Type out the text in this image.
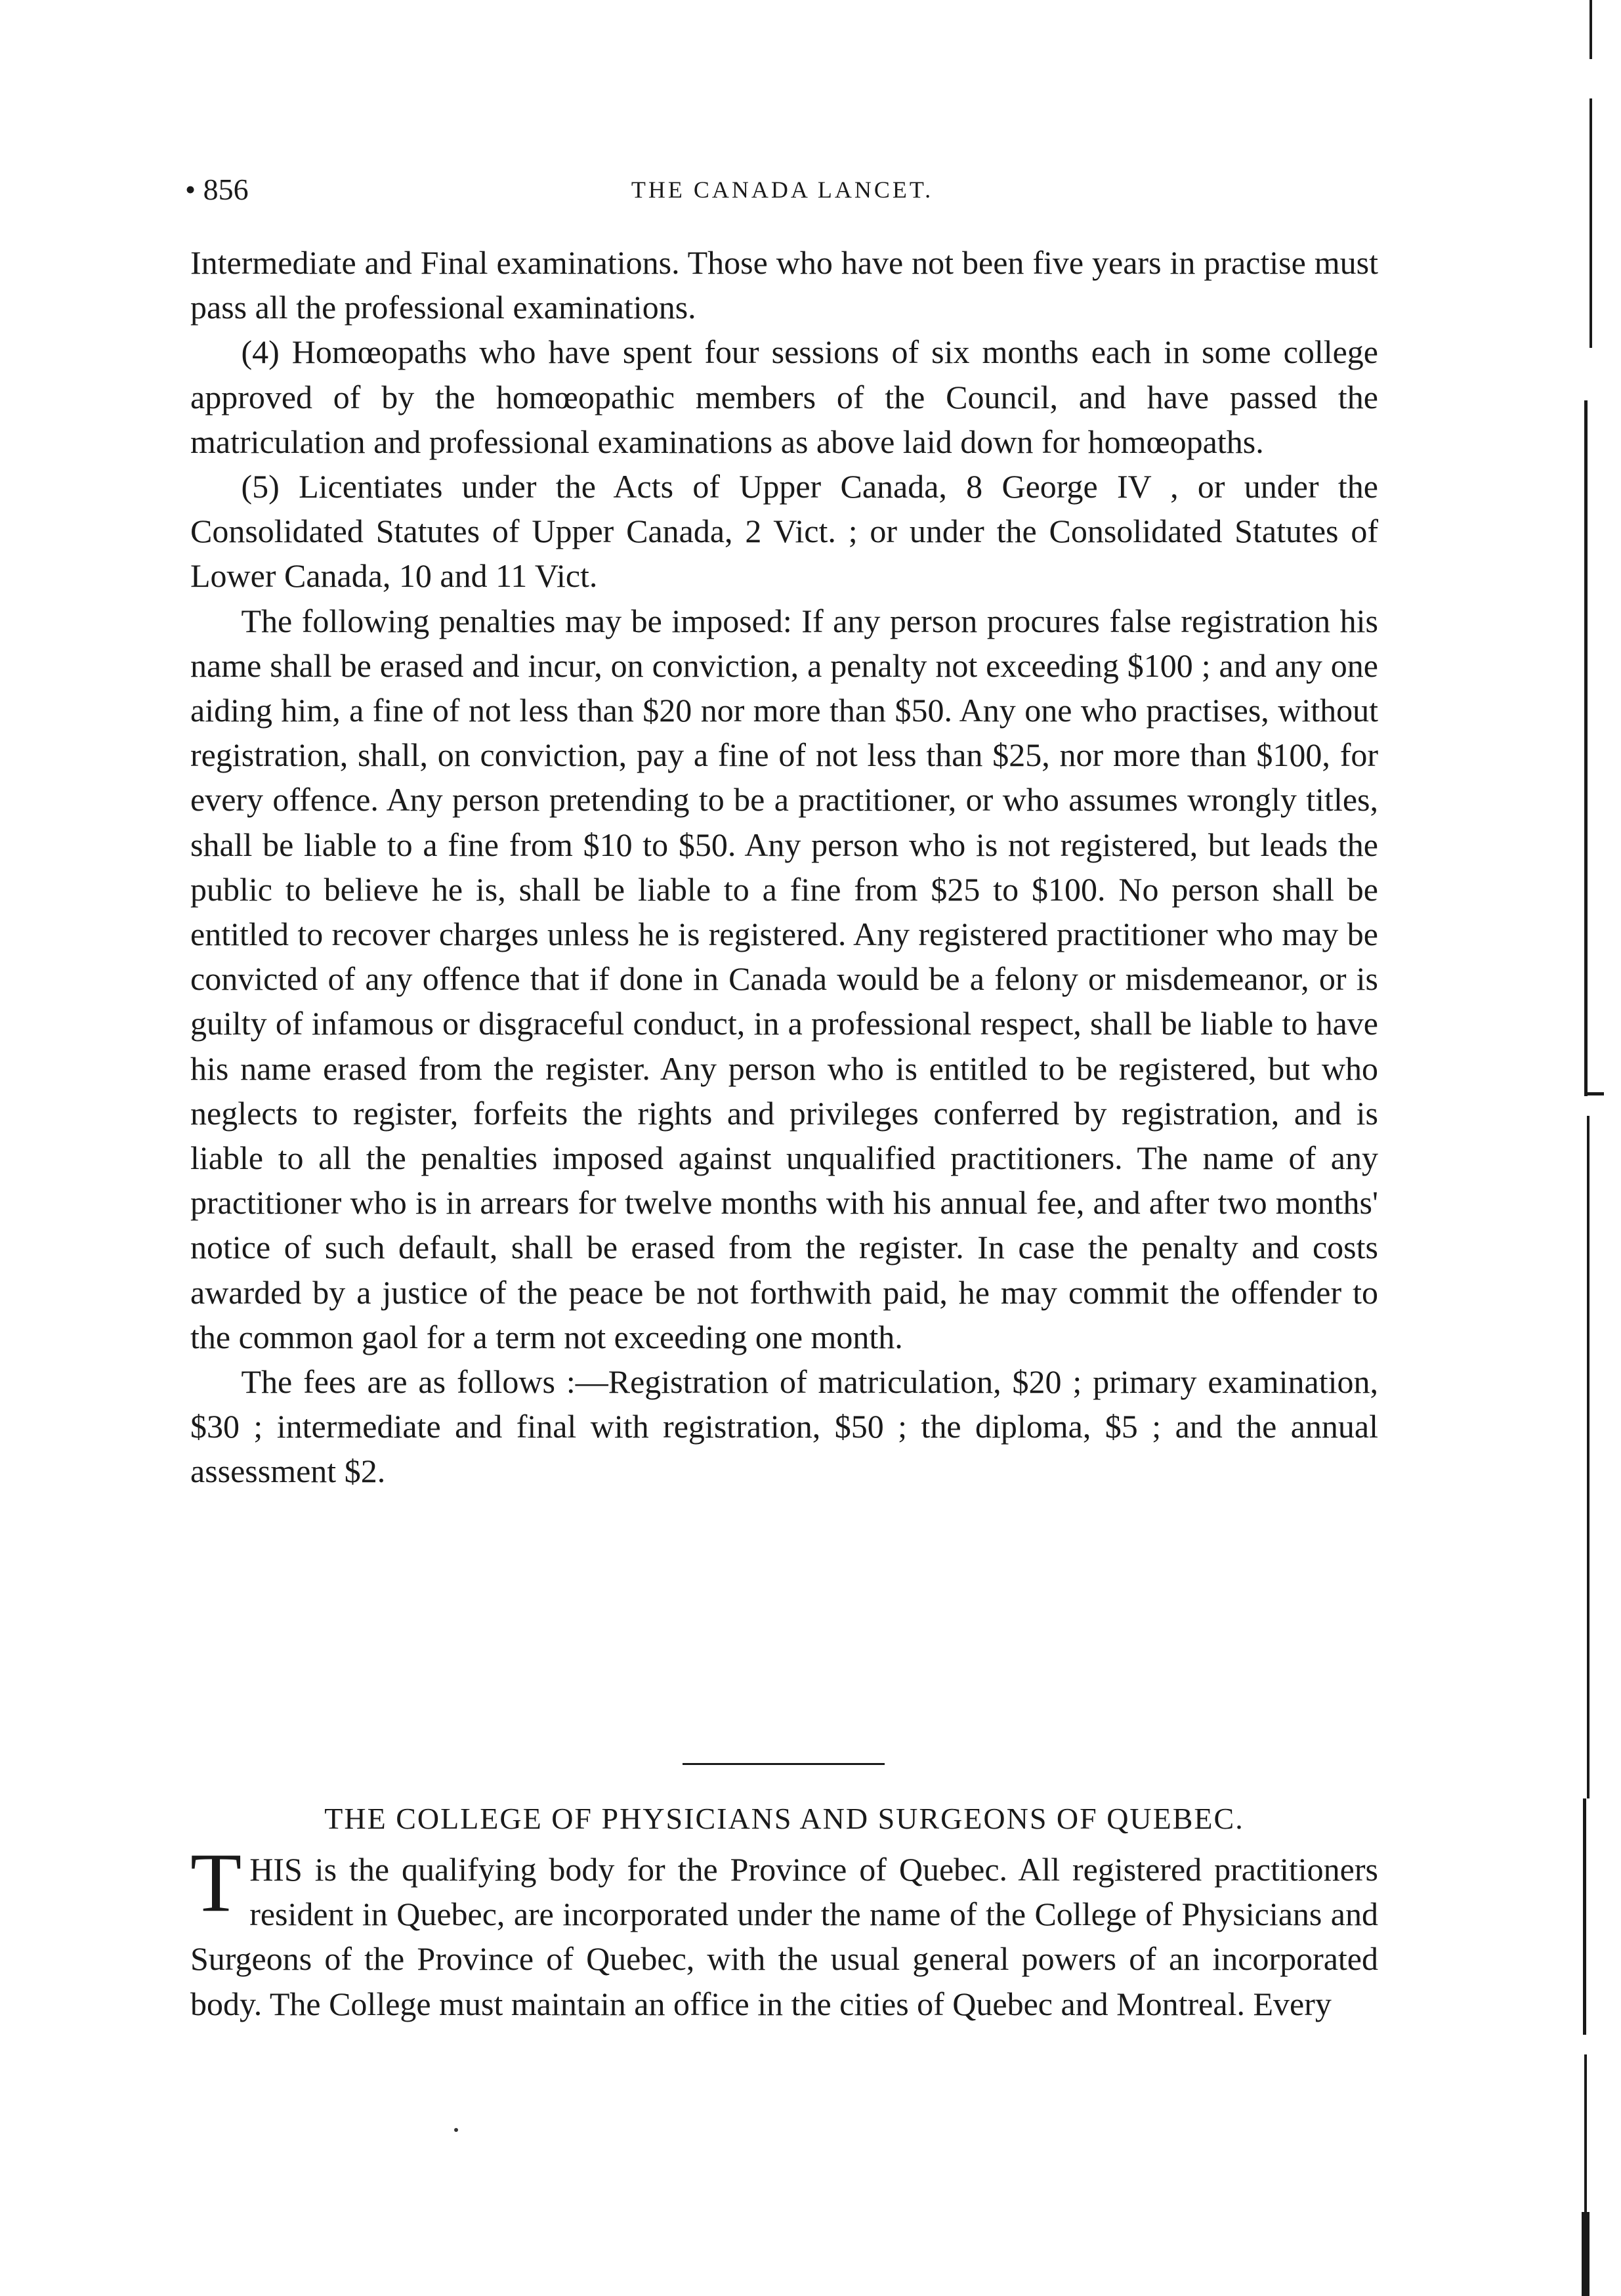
• 856	THE CANADA LANCET.

Intermediate and Final examinations. Those who have not been five years in practise must pass all the professional examinations.

(4) Homœopaths who have spent four sessions of six months each in some college approved of by the homœopathic members of the Council, and have passed the matriculation and professional examinations as above laid down for homœopaths.

(5) Licentiates under the Acts of Upper Canada, 8 George IV , or under the Consolidated Statutes of Upper Canada, 2 Vict. ; or under the Consolidated Statutes of Lower Canada, 10 and 11 Vict.

The following penalties may be imposed: If any person procures false registration his name shall be erased and incur, on conviction, a penalty not exceeding $100 ; and any one aiding him, a fine of not less than $20 nor more than $50. Any one who practises, without registration, shall, on conviction, pay a fine of not less than $25, nor more than $100, for every offence. Any person pretending to be a practitioner, or who assumes wrongly titles, shall be liable to a fine from $10 to $50. Any person who is not registered, but leads the public to believe he is, shall be liable to a fine from $25 to $100. No person shall be entitled to recover charges unless he is registered. Any registered practitioner who may be convicted of any offence that if done in Canada would be a felony or misdemeanor, or is guilty of infamous or disgraceful conduct, in a professional respect, shall be liable to have his name erased from the register. Any person who is entitled to be registered, but who neglects to register, forfeits the rights and privileges conferred by registration, and is liable to all the penalties imposed against unqualified practitioners. The name of any practitioner who is in arrears for twelve months with his annual fee, and after two months' notice of such default, shall be erased from the register. In case the penalty and costs awarded by a justice of the peace be not forthwith paid, he may commit the offender to the common gaol for a term not exceeding one month.

The fees are as follows :—Registration of matriculation, $20 ; primary examination, $30 ; intermediate and final with registration, $50 ; the diploma, $5 ; and the annual assessment $2.

THE COLLEGE OF PHYSICIANS AND SURGEONS OF QUEBEC.
T HIS is the qualifying body for the Province of Quebec. All registered practitioners resident in Quebec, are incorporated under the name of the College of Physicians and Surgeons of the Province of Quebec, with the usual general powers of an incorporated body. The College must maintain an office in the cities of Quebec and Montreal. Every
